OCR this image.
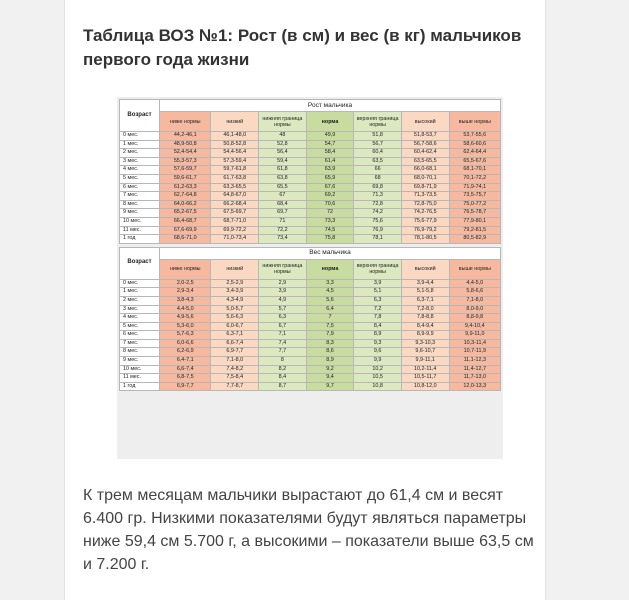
Таблица ВОЗ №1: Рост (в см) и вес (в кг) мальчиков первого года жизни
Возраст	Рост мальчика						
	ниже нормы	низкий	нижняя граница нормы	норма	верхняя граница нормы	высокий	выше нормы
0 мес.	44,2-46,1	46,1-48,0	48	49,9	51,8	51,8-53,7	53,7-55,6
1 мес.	48,9-50,8	50,8-52,8	52,8	54,7	56,7	56,7-58,6	58,6-60,6
2 мес.	52,4-54,4	54,4-56,4	56,4	58,4	60,4	60,4-62,4	62,4-64,4
3 мес.	55,3-57,3	57,3-59,4	59,4	61,4	63,5	63,5-65,5	65,5-67,6
4 мес.	57,6-59,7	59,7-61,8	61,8	63,9	66	66,0-68,1	68,1-70,1
5 мес.	59,6-61,7	61,7-63,8	63,8	65,9	68	68,0-70,1	70,1-72,2
6 мес.	61,2-63,3	63,3-65,5	65,5	67,6	69,8	69,8-71,9	71,9-74,1
7 мес.	62,7-64,8	64,8-67,0	67	69,2	71,3	71,3-73,5	73,5-75,7
8 мес.	64,0-66,2	66,2-68,4	68,4	70,6	72,8	72,8-75,0	75,0-77,2
9 мес.	65,2-67,5	67,5-69,7	69,7	72	74,2	74,2-76,5	76,5-78,7
10 мес.	66,4-68,7	68,7-71,0	71	73,3	75,6	75,6-77,9	77,9-80,1
11 мес.	67,6-69,9	69,9-72,2	72,2	74,5	76,9	76,9-79,2	79,2-81,5
1 год	68,6-71,0	71,0-73,4	73,4	75,8	78,1	78,1-80,5	80,5-82,9

Возраст	Вес мальчика						
	ниже нормы	низкий	нижняя граница нормы	норма	верхняя граница нормы	высокий	выше нормы
0 мес.	2,0-2,5	2,5-2,9	2,9	3,3	3,9	3,9-4,4	4,4-5,0
1 мес.	2,9-3,4	3,4-3,9	3,9	4,5	5,1	5,1-5,8	5,8-6,6
2 мес.	3,8-4,3	4,3-4,9	4,9	5,6	6,3	6,3-7,1	7,1-8,0
3 мес.	4,4-5,0	5,0-5,7	5,7	6,4	7,2	7,2-8,0	8,0-9,0
4 мес.	4,9-5,6	5,6-6,3	6,3	7	7,8	7,8-8,8	8,8-9,8
5 мес.	5,3-6,0	6,0-6,7	6,7	7,5	8,4	8,4-9,4	9,4-10,4
6 мес.	5,7-6,3	6,3-7,1	7,1	7,9	8,9	8,9-9,9	9,9-11,0
7 мес.	6,0-6,6	6,6-7,4	7,4	8,3	9,3	9,3-10,3	10,3-11,4
8 мес.	6,2-6,9	6,9-7,7	7,7	8,6	9,6	9,6-10,7	10,7-11,9
9 мес.	6,4-7,1	7,1-8,0	8	8,9	9,9	9,9-11,1	11,1-12,3
10 мес.	6,6-7,4	7,4-8,2	8,2	9,2	10,2	10,2-11,4	11,4-12,7
11 мес.	6,8-7,5	7,5-8,4	8,4	9,4	10,5	10,5-11,7	11,7-13,0
1 год	6,9-7,7	7,7-8,7	8,7	9,7	10,8	10,8-12,0	12,0-13,3

К трем месяцам мальчики вырастают до 61,4 см и весят 6.400 гр. Низкими показателями будут являться параметры ниже 59,4 см 5.700 г, а высокими – показатели выше 63,5 см и 7.200 г.
